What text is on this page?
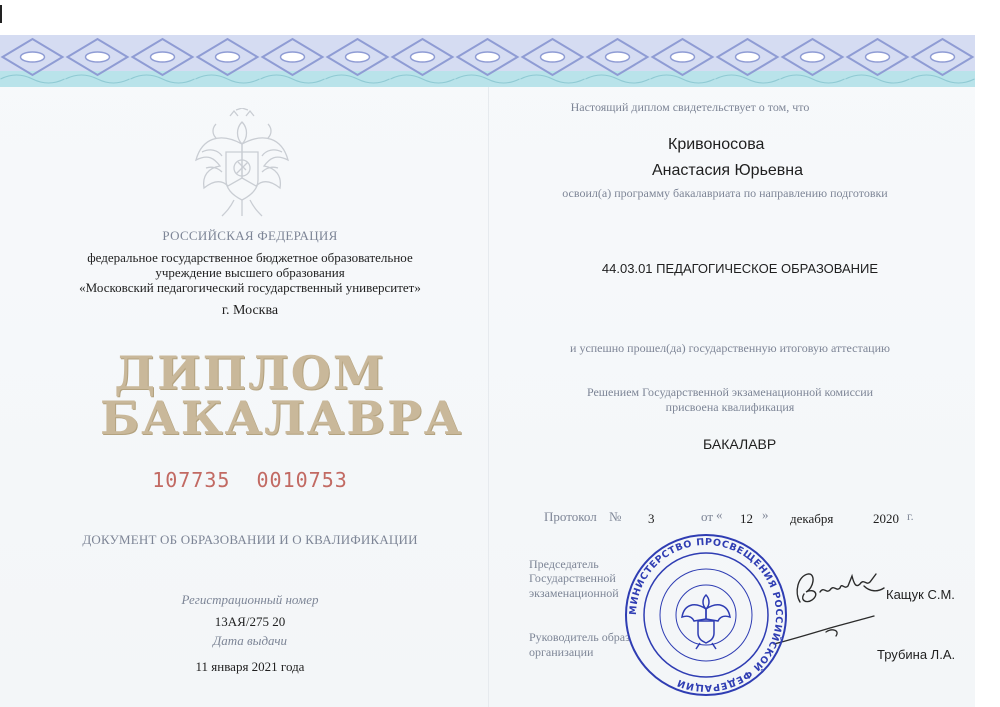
РОССИЙСКАЯ ФЕДЕРАЦИЯ
федеральное государственное бюджетное образовательное
учреждение высшего образования
«Московский педагогический государственный университет»
г. Москва
ДИПЛОМ
БАКАЛАВРА
107735  0010753
ДОКУМЕНТ ОБ ОБРАЗОВАНИИ И О КВАЛИФИКАЦИИ
Регистрационный номер
13АЯ/275 20
Дата выдачи
11 января 2021 года
Настоящий диплом свидетельствует о том, что
Кривоносова
Анастасия Юрьевна
освоил(а) программу бакалавриата по направлению подготовки
44.03.01 ПЕДАГОГИЧЕСКОЕ ОБРАЗОВАНИЕ
и успешно прошел(да) государственную итоговую аттестацию
Решением Государственной экзаменационной комиссии
присвоена квалификация
БАКАЛАВР
Протокол № 3	от « 12 » декабря	2020 г.
Председатель
Государственной
экзаменационной	Кащук С.М.
Руководитель образ
организации	Трубина Л.А.
МИНИСТЕРСТВО ПРОСВЕЩЕНИЯ РОССИЙСКОЙ ФЕДЕРАЦИИ
